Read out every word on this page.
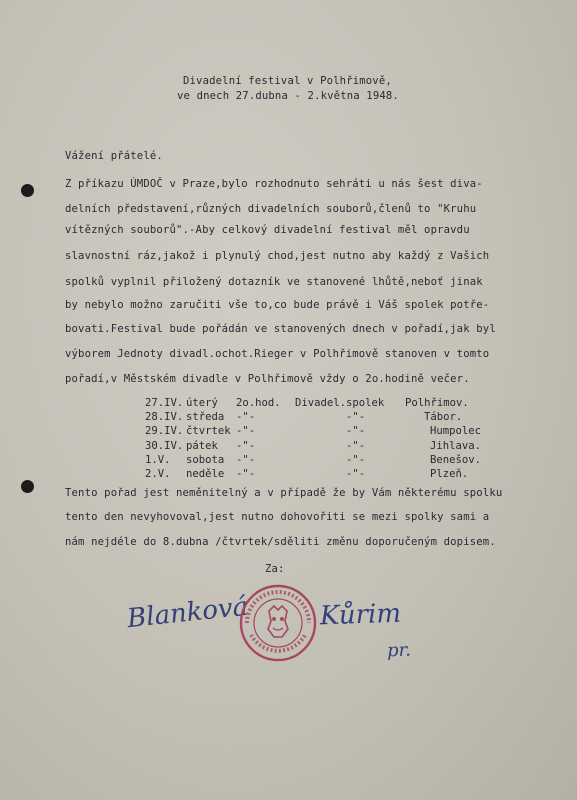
Divadelní festival v Polhřimově,
ve dnech 27.dubna - 2.května 1948.
Vážení přátelé.
Z příkazu ÚMDOČ v Praze,bylo rozhodnuto sehráti u nás šest diva-
delních představení,různých divadelních souborů,členů to "Kruhu
vítězných souborů".-Aby celkový divadelní festival měl opravdu
slavnostní ráz,jakož i plynulý chod,jest nutno aby každý z Vašich
spolků vyplnil přiložený dotazník ve stanovené lhůtě,neboť jinak
by nebylo možno zaručiti vše to,co bude právě i Váš spolek potře-
bovati.Festival bude pořádán ve stanovených dnech v pořadí,jak byl
výborem Jednoty divadl.ochot.Rieger v Polhřimově stanoven v tomto
pořadí,v Městském divadle v Polhřimově vždy o 2o.hodině večer.
27.IV. úterý 2o.hod. Divadel.spolek Polhřimov.
28.IV. středa -"-	-"-	Tábor.
29.IV. čtvrtek -"-	-"-	Humpolec
30.IV. pátek -"-	-"-	Jihlava.
1.V. sobota -"-	-"-	Benešov.
2.V. neděle -"-	-"-	Plzeň.
Tento pořad jest neměnitelný a v případě že by Vám některému spolku
tento den nevyhovoval,jest nutno dohovořiti se mezi spolky sami a
nám nejdéle do 8.dubna /čtvrtek/sděliti změnu doporučeným dopisem.
Za:
Blanková	Kůrim
pr.
